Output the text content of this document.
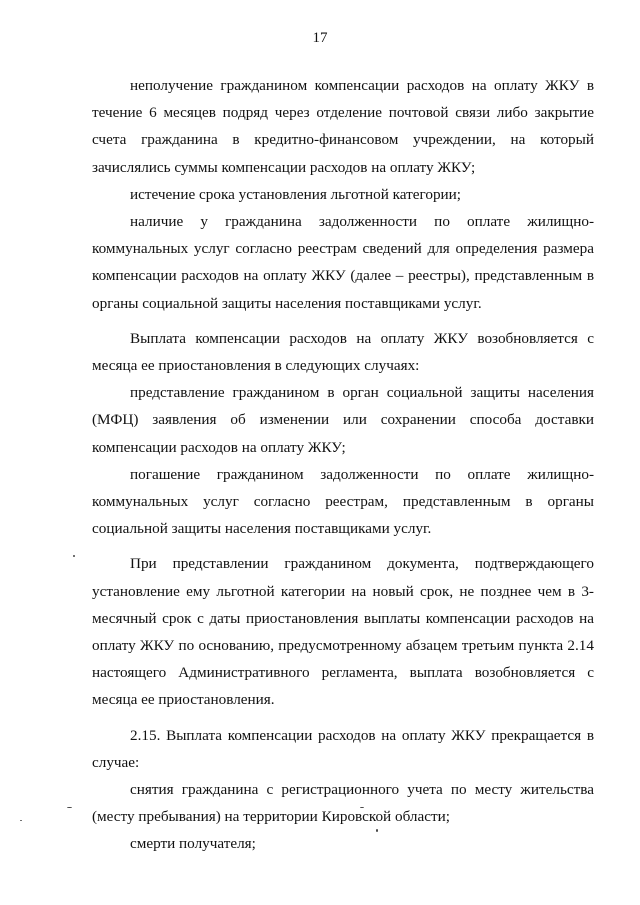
17

неполучение гражданином компенсации расходов на оплату ЖКУ в течение 6 месяцев подряд через отделение почтовой связи либо закрытие счета гражданина в кредитно-финансовом учреждении, на который зачислялись суммы компенсации расходов на оплату ЖКУ;

истечение срока установления льготной категории;

наличие у гражданина задолженности по оплате жилищно-коммунальных услуг согласно реестрам сведений для определения размера компенсации расходов на оплату ЖКУ (далее – реестры), представленным в органы социальной защиты населения поставщиками услуг.

Выплата компенсации расходов на оплату ЖКУ возобновляется с месяца ее приостановления в следующих случаях:

представление гражданином в орган социальной защиты населения (МФЦ) заявления об изменении или сохранении способа доставки компенсации расходов на оплату ЖКУ;

погашение гражданином задолженности по оплате жилищно-коммунальных услуг согласно реестрам, представленным в органы социальной защиты населения поставщиками услуг.

При представлении гражданином документа, подтверждающего установление ему льготной категории на новый срок, не позднее чем в 3-месячный срок с даты приостановления выплаты компенсации расходов на оплату ЖКУ по основанию, предусмотренному абзацем третьим пункта 2.14 настоящего Административного регламента, выплата возобновляется с месяца ее приостановления.

2.15. Выплата компенсации расходов на оплату ЖКУ прекращается в случае:

снятия гражданина с регистрационного учета по месту жительства (месту пребывания) на территории Кировской области;

смерти получателя;
